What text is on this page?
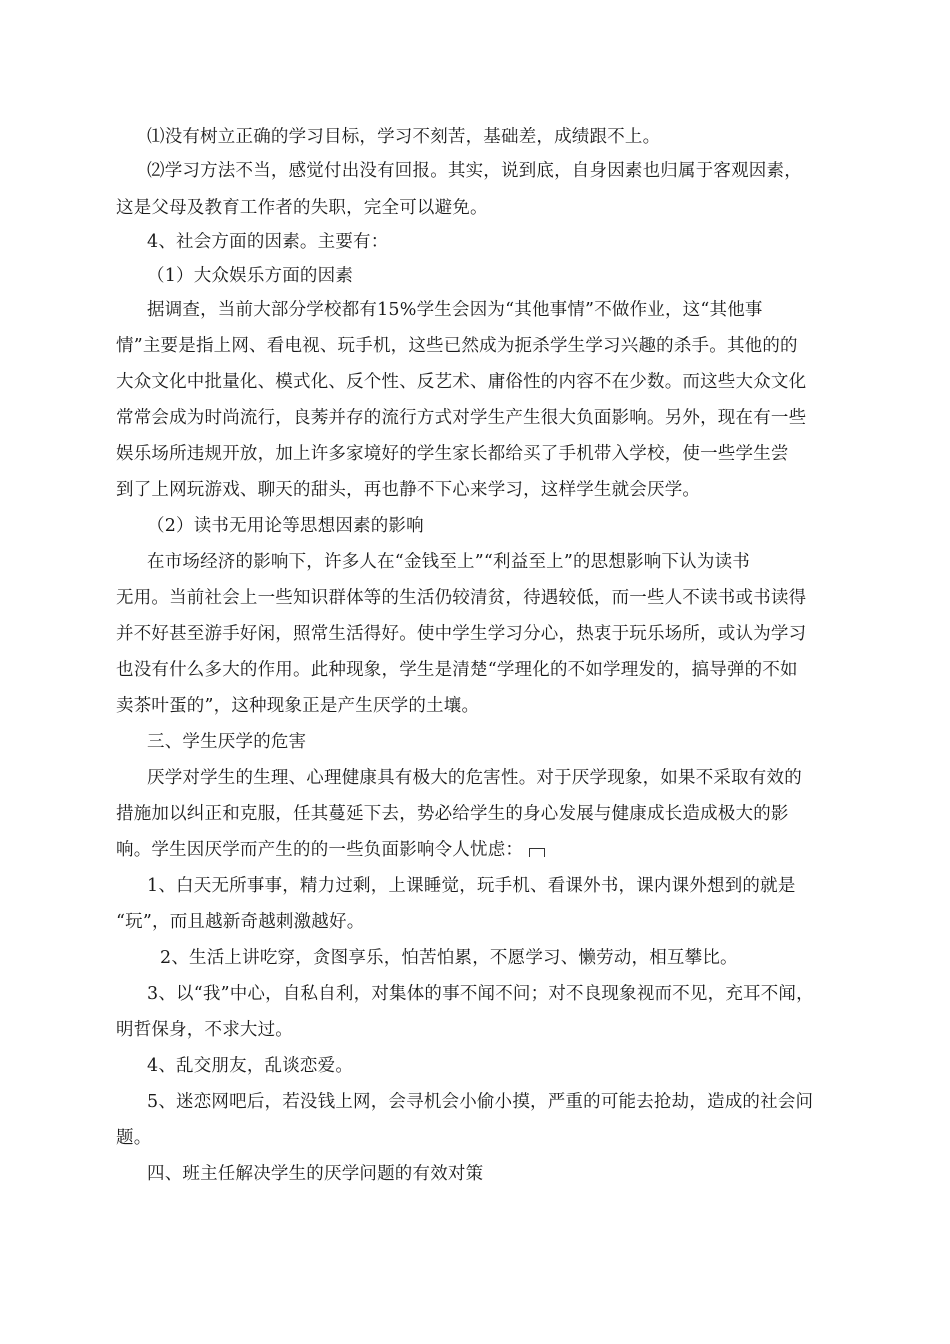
⑴没有树立正确的学习目标，学习不刻苦，基础差，成绩跟不上。
⑵学习方法不当，感觉付出没有回报。其实，说到底，自身因素也归属于客观因素，
这是父母及教育工作者的失职，完全可以避免。
4、社会方面的因素。主要有：
（1）大众娱乐方面的因素
据调查，当前大部分学校都有15%学生会因为“其他事情”不做作业，这“其他事
情”主要是指上网、看电视、玩手机，这些已然成为扼杀学生学习兴趣的杀手。其他的的
大众文化中批量化、模式化、反个性、反艺术、庸俗性的内容不在少数。而这些大众文化
常常会成为时尚流行，良莠并存的流行方式对学生产生很大负面影响。另外，现在有一些
娱乐场所违规开放，加上许多家境好的学生家长都给买了手机带入学校，使一些学生尝
到了上网玩游戏、聊天的甜头，再也静不下心来学习，这样学生就会厌学。
（2）读书无用论等思想因素的影响
在市场经济的影响下，许多人在“金钱至上”“利益至上”的思想影响下认为读书
无用。当前社会上一些知识群体等的生活仍较清贫，待遇较低，而一些人不读书或书读得
并不好甚至游手好闲，照常生活得好。使中学生学习分心，热衷于玩乐场所，或认为学习
也没有什么多大的作用。此种现象，学生是清楚“学理化的不如学理发的，搞导弹的不如
卖茶叶蛋的”，这种现象正是产生厌学的土壤。
三、学生厌学的危害
厌学对学生的生理、心理健康具有极大的危害性。对于厌学现象，如果不采取有效的
措施加以纠正和克服，任其蔓延下去，势必给学生的身心发展与健康成长造成极大的影
响。学生因厌学而产生的的一些负面影响令人忧虑：
1、白天无所事事，精力过剩，上课睡觉，玩手机、看课外书，课内课外想到的就是
“玩”，而且越新奇越刺激越好。
2、生活上讲吃穿，贪图享乐，怕苦怕累，不愿学习、懒劳动，相互攀比。
3、以“我”中心，自私自利，对集体的事不闻不问；对不良现象视而不见，充耳不闻，
明哲保身，不求大过。
4、乱交朋友，乱谈恋爱。
5、迷恋网吧后，若没钱上网，会寻机会小偷小摸，严重的可能去抢劫，造成的社会问
题。
四、班主任解决学生的厌学问题的有效对策
